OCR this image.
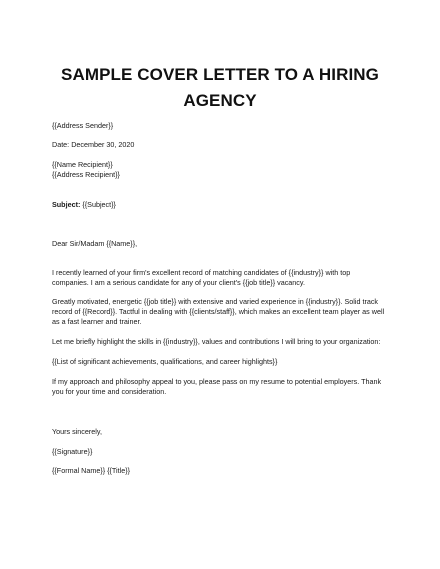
SAMPLE COVER LETTER TO A HIRING
AGENCY
{{Address Sender}}
Date: December 30, 2020
{{Name Recipient}}
{{Address Recipient}}
Subject: {{Subject}}
Dear Sir/Madam {{Name}},
I recently learned of your firm's excellent record of matching candidates of {{industry}} with top
companies. I am a serious candidate for any of your client's {{job title}} vacancy.
Greatly motivated, energetic {{job title}} with extensive and varied experience in {{industry}}. Solid track
record of {{Record}}. Tactful in dealing with {{clients/staff}}, which makes an excellent team player as well
as a fast learner and trainer.
Let me briefly highlight the skills in {{industry}}, values and contributions I will bring to your organization:
{{List of significant achievements, qualifications, and career highlights}}
If my approach and philosophy appeal to you, please pass on my resume to potential employers. Thank
you for your time and consideration.
Yours sincerely,
{{Signature}}
{{Formal Name}} {{Title}}
